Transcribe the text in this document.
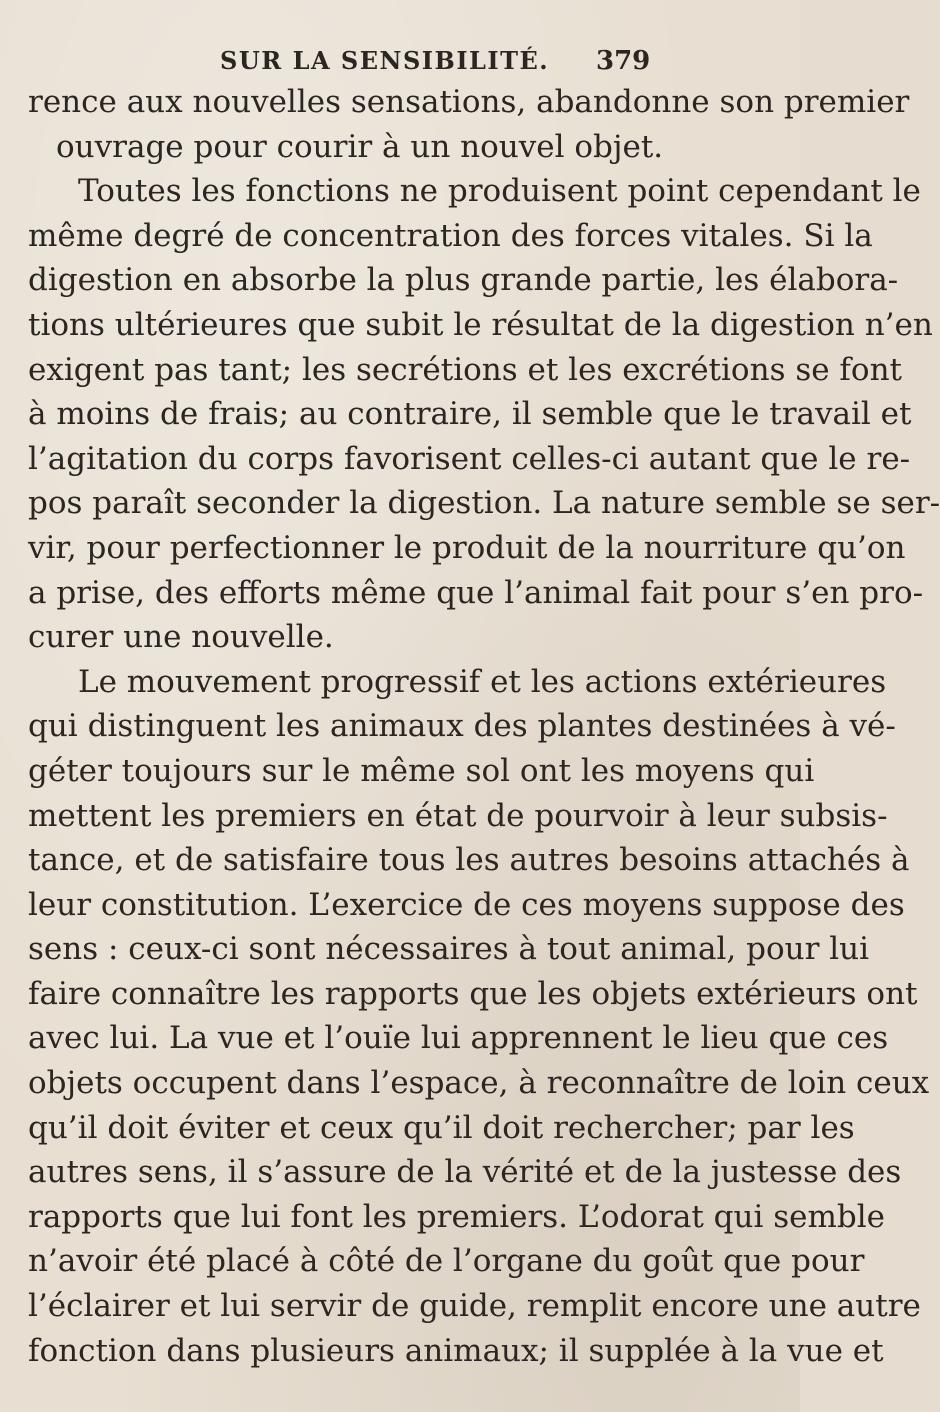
SUR LA SENSIBILITÉ. 379
rence aux nouvelles sensations, abandonne son premier
ouvrage pour courir à un nouvel objet.
Toutes les fonctions ne produisent point cependant le
même degré de concentration des forces vitales. Si la
digestion en absorbe la plus grande partie, les élabora-
tions ultérieures que subit le résultat de la digestion n’en
exigent pas tant; les secrétions et les excrétions se font
à moins de frais; au contraire, il semble que le travail et
l’agitation du corps favorisent celles-ci autant que le re-
pos paraît seconder la digestion. La nature semble se ser-
vir, pour perfectionner le produit de la nourriture qu’on
a prise, des efforts même que l’animal fait pour s’en pro-
curer une nouvelle.
Le mouvement progressif et les actions extérieures
qui distinguent les animaux des plantes destinées à vé-
géter toujours sur le même sol ont les moyens qui
mettent les premiers en état de pourvoir à leur subsis-
tance, et de satisfaire tous les autres besoins attachés à
leur constitution. L’exercice de ces moyens suppose des
sens : ceux-ci sont nécessaires à tout animal, pour lui
faire connaître les rapports que les objets extérieurs ont
avec lui. La vue et l’ouïe lui apprennent le lieu que ces
objets occupent dans l’espace, à reconnaître de loin ceux
qu’il doit éviter et ceux qu’il doit rechercher; par les
autres sens, il s’assure de la vérité et de la justesse des
rapports que lui font les premiers. L’odorat qui semble
n’avoir été placé à côté de l’organe du goût que pour
l’éclairer et lui servir de guide, remplit encore une autre
fonction dans plusieurs animaux; il supplée à la vue et
